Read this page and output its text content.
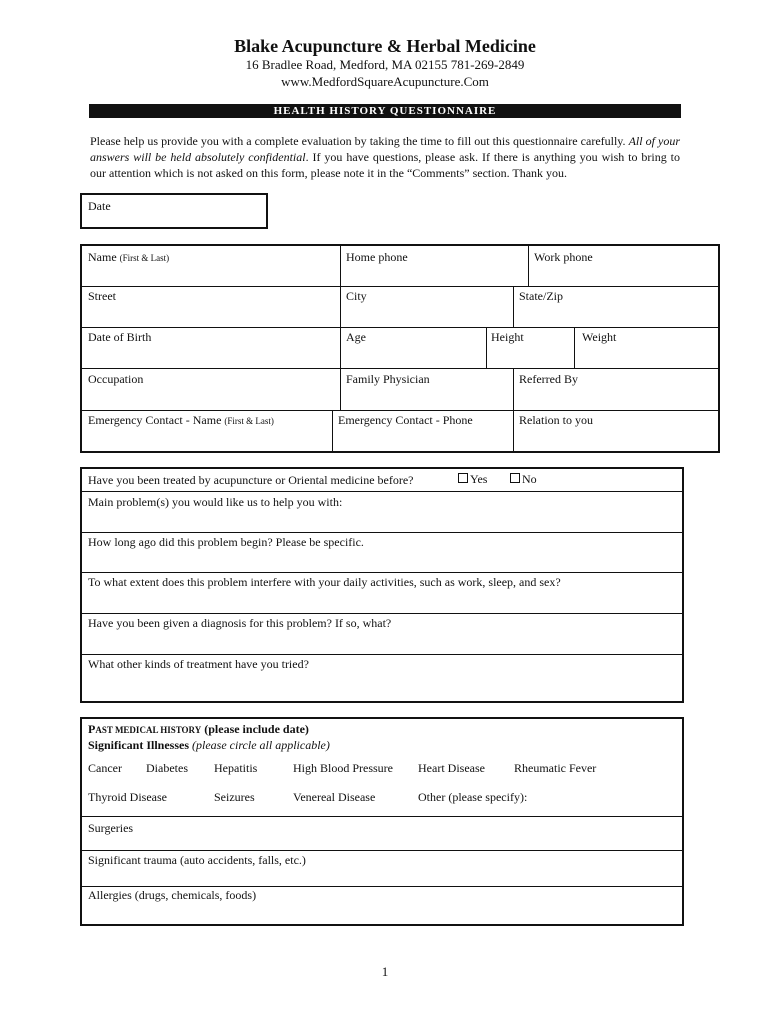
Blake Acupuncture & Herbal Medicine
16 Bradlee Road, Medford, MA 02155 781-269-2849
www.MedfordSquareAcupuncture.Com
HEALTH HISTORY QUESTIONNAIRE
Please help us provide you with a complete evaluation by taking the time to fill out this questionnaire carefully. All of your answers will be held absolutely confidential. If you have questions, please ask. If there is anything you wish to bring to our attention which is not asked on this form, please note it in the “Comments” section. Thank you.
Date
Name (First & Last)	Home phone	Work phone
Street	City	State/Zip
Date of Birth	Age	Height	Weight
Occupation	Family Physician	Referred By
Emergency Contact - Name (First & Last)	Emergency Contact - Phone	Relation to you
Have you been treated by acupuncture or Oriental medicine before?	Yes	No
Main problem(s) you would like us to help you with:
How long ago did this problem begin? Please be specific.
To what extent does this problem interfere with your daily activities, such as work, sleep, and sex?
Have you been given a diagnosis for this problem? If so, what?
What other kinds of treatment have you tried?
PAST MEDICAL HISTORY (please include date)
Significant Illnesses (please circle all applicable)
Cancer Diabetes Hepatitis	High Blood Pressure Heart Disease Rheumatic Fever
Thyroid Disease	Seizures	Venereal Disease	Other (please specify):
Surgeries
Significant trauma (auto accidents, falls, etc.)
Allergies (drugs, chemicals, foods)
1
